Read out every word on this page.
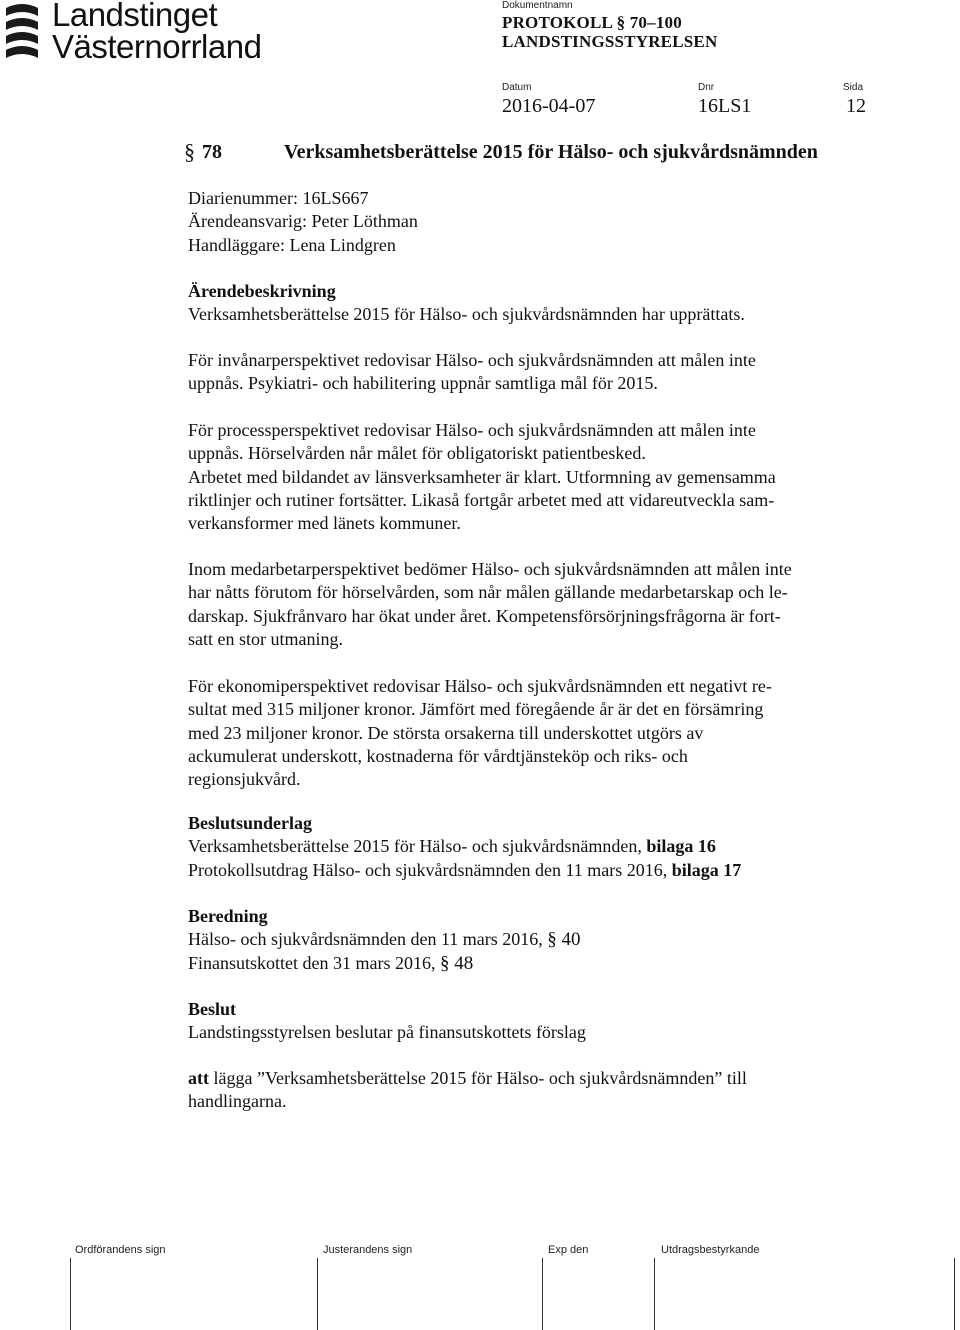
Landstinget
Västernorrland
Dokumentnamn
PROTOKOLL § 70–100
LANDSTINGSSTYRELSEN
Datum	Dnr	Sida
2016-04-07	16LS1	12
§ 78	Verksamhetsberättelse 2015 för Hälso- och sjukvårdsnämnden

Diarienummer: 16LS667

Ärendeansvarig: Peter Löthman

Handläggare: Lena Lindgren

Ärendebeskrivning

Verksamhetsberättelse 2015 för Hälso- och sjukvårdsnämnden har upprättats.

För invånarperspektivet redovisar Hälso- och sjukvårdsnämnden att målen inte

uppnås. Psykiatri- och habilitering uppnår samtliga mål för 2015.

För processperspektivet redovisar Hälso- och sjukvårdsnämnden att målen inte

uppnås. Hörselvården når målet för obligatoriskt patientbesked.

Arbetet med bildandet av länsverksamheter är klart. Utformning av gemensamma

riktlinjer och rutiner fortsätter. Likaså fortgår arbetet med att vidareutveckla sam-

verkansformer med länets kommuner.

Inom medarbetarperspektivet bedömer Hälso- och sjukvårdsnämnden att målen inte

har nåtts förutom för hörselvården, som når målen gällande medarbetarskap och le-

darskap. Sjukfrånvaro har ökat under året. Kompetensförsörjningsfrågorna är fort-

satt en stor utmaning.

För ekonomiperspektivet redovisar Hälso- och sjukvårdsnämnden ett negativt re-

sultat med 315 miljoner kronor. Jämfört med föregående år är det en försämring

med 23 miljoner kronor. De största orsakerna till underskottet utgörs av

ackumulerat underskott, kostnaderna för vårdtjänsteköp och riks- och

regionsjukvård.

Beslutsunderlag

Verksamhetsberättelse 2015 för Hälso- och sjukvårdsnämnden, bilaga 16

Protokollsutdrag Hälso- och sjukvårdsnämnden den 11 mars 2016, bilaga 17

Beredning

Hälso- och sjukvårdsnämnden den 11 mars 2016, § 40

Finansutskottet den 31 mars 2016, § 48

Beslut

Landstingsstyrelsen beslutar på finansutskottets förslag

att lägga ”Verksamhetsberättelse 2015 för Hälso- och sjukvårdsnämnden” till

handlingarna.

Ordförandens sign	Justerandens sign	Exp den	Utdragsbestyrkande
